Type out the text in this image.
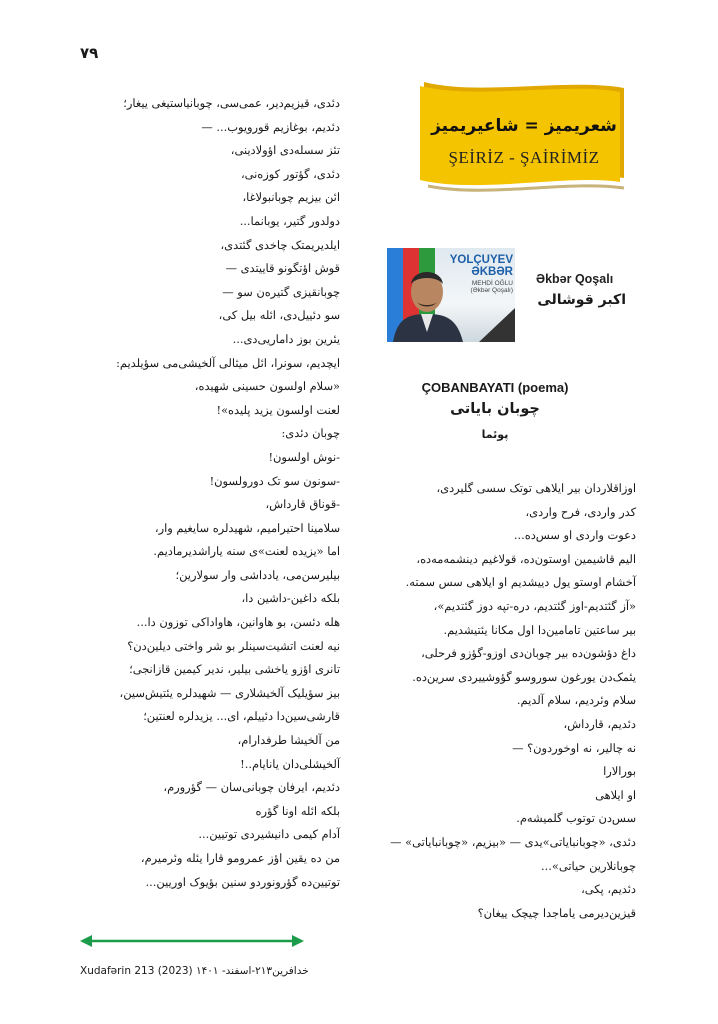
۷۹
دئدی، قیزیم‌دیر، عمی‌سی، چوبانیاستیغی ییغار؛
دئدیم، بوغازیم قورویوب... —
تئز سسله‌دی اؤولادینی،
دئدی، گؤتور کوزه‌نی،
ائن بیزیم چوبانبولاغا،
دولدور گتیر، یوبانما...
ایلدیریمتک چاخدی گئتدی،
قوش اؤتگونو قاییتدی —
چوبانقیزی گتیره‌ن سو —
سو دئییل‌دی، ائله بیل کی،
یئرین بوز داماریی‌دی...
ایچدیم، سونرا، ائل میثالی آلخیشی‌می سؤیلدیم:
«سلام اولسون حسینی شهیده،
لعنت اولسون یزید پلیده»!
چوبان دئدی:
-نوش اولسون!
-سونون سو تک دورولسون!
-قوناق قارداش،
سلامینا احتیرامیم، شهیدلره سایغیم وار،
اما «یزیده لعنت»ی سنه یاراشدیرمادیم.
بیلیرسن‌می، یادداشی وار سولارین؛
بلکه داغین-داشین دا،
هله دئسن، بو هاوانین، هاواداکی توزون دا...
نیه لعنت اتشیت‌سینلر بو شر واختی دیلین‌دن؟
تانری اؤزو یاخشی بیلیر، ندیر کیمین قازانجی؛
بیز سؤیلیک آلخیشلاری — شهیدلره یئتیش‌سین،
قارشی‌سین‌دا دئییلم، ای... یزیدلره لعنتین؛
من آلخیشا طرفدارام،
آلخیشلی‌دان یانایام..!
دئدیم، ایرفان چوبانی‌سان — گؤرورم،
بلکه ائله اونا گؤره
آدام کیمی دانیشیردی توتیین...
من ده یقین اؤز عمرومو قارا یئله وئرمیرم،
توتیین‌ده گؤرونوردو سنین بؤیوک اوریین...
شعریمیز = شاعیریمیز
ŞEİRİZ - ŞAİRİMİZ
YOLÇUYEV
ƏKBƏR
MEHDİ OĞLU
(Əkbər Qoşalı)
Əkbər Qoşalı
اکبر قوشالی
ÇOBANBAYATI (poema)
چوبان بایاتی
پوئما
اوزاقلاردان بیر ایلاهی توتک سسی گلیردی،
کدر واردی، فرح واردی،
دعوت واردی او سس‌ده...
الیم قاشیمین اوستون‌ده، قولاغیم دینشمه‌مه‌ده،
آخشام اوستو یول دییشدیم او ایلاهی سس سمته.
«آز گئتدیم-اوز گئتدیم، دره-تپه دوز گئتدیم»،
بیر ساعتین تامامین‌دا اول مکانا یئتیشدیم.
داغ دؤشون‌ده بیر چوبان‌دی اوزو-گؤزو فرحلی،
یئمک‌دن یورغون سوروسو گؤوشییردی سرین‌ده.
سلام وئردیم، سلام آلدیم.
دئدیم، قارداش،
نه چالیر، نه اوخوردون؟ —
بورالارا
او ایلاهی
سس‌دن توتوب گلمیشه‌م.
دئدی، «چوبانبایاتی»یدی — «بیزیم، «چوبانبایاتی» —
چوبانلارین حیاتی»...
دئدیم، پکی،
قیزین‌دیرمی یاماجدا چیچک ییغان؟
Xudafərin 213 (2023) خدافرین۲۱۳-اسفند- ۱۴۰۱
